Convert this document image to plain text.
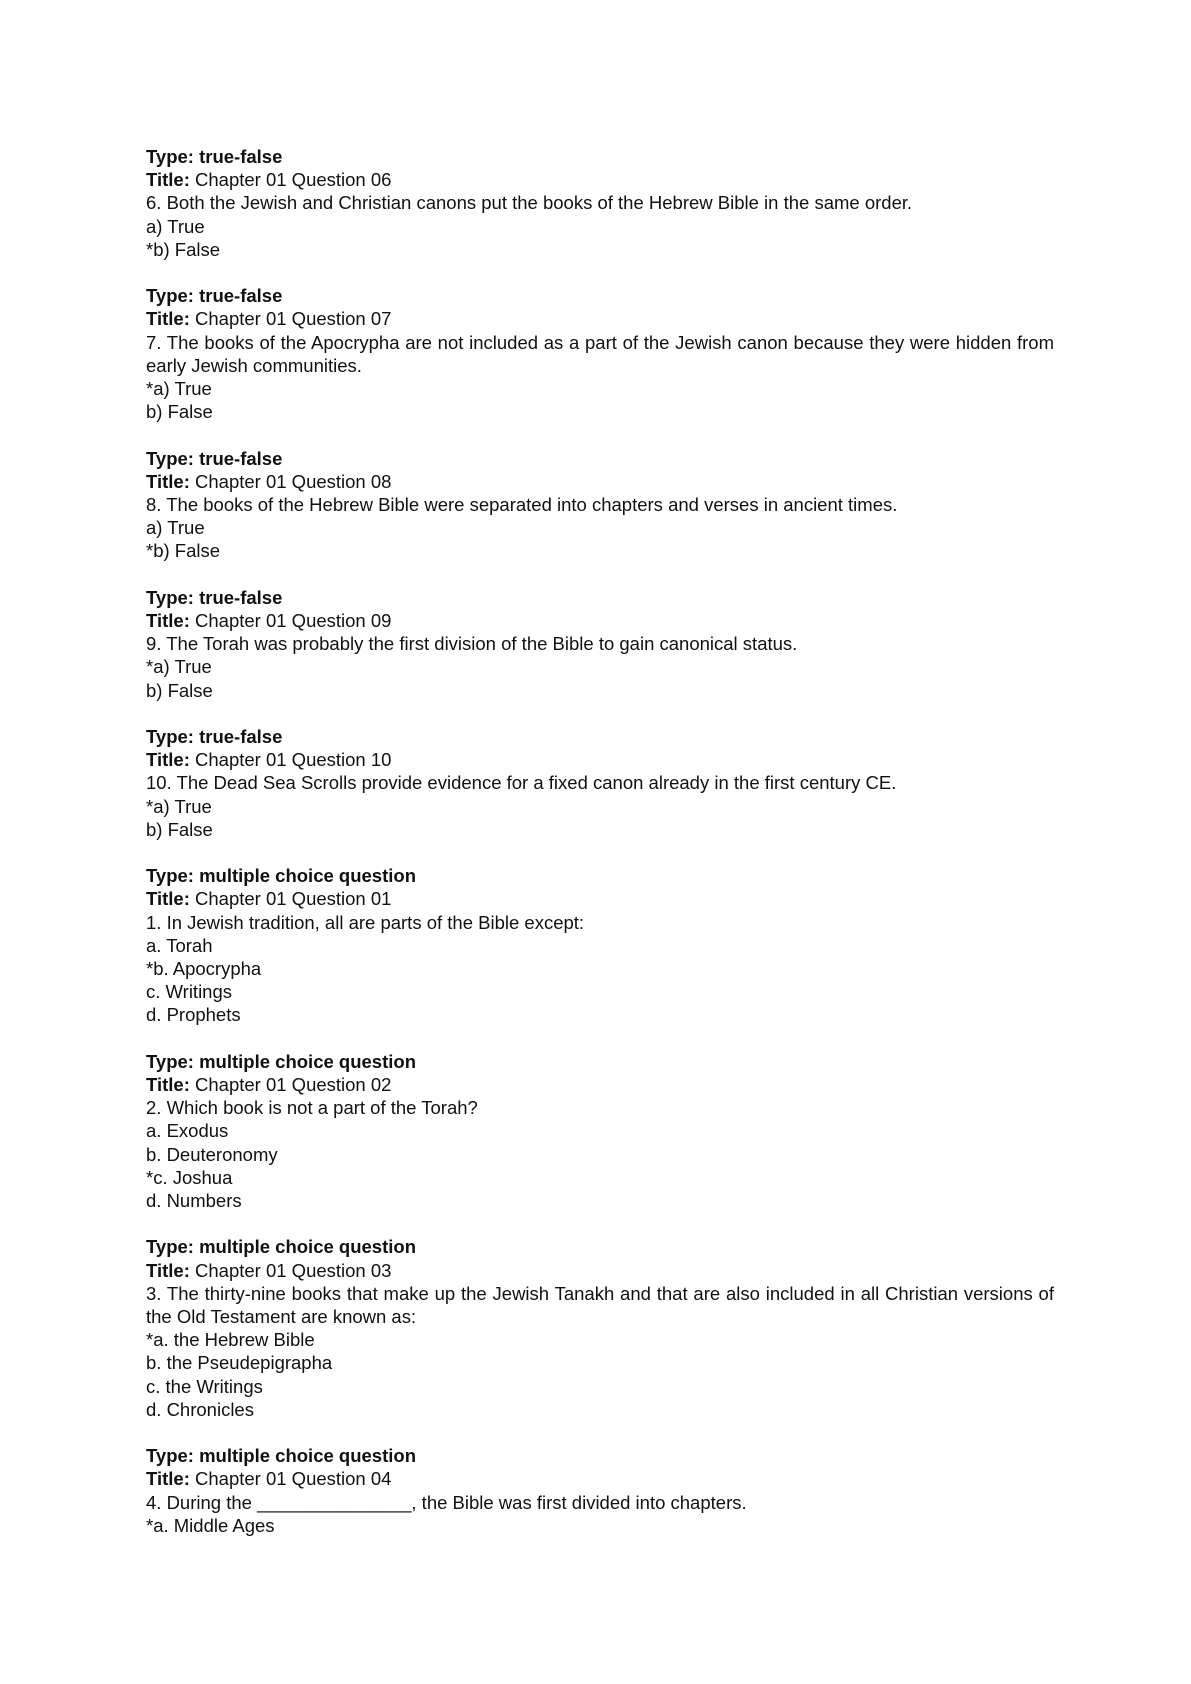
Type: true-false
Title: Chapter 01 Question 06
6. Both the Jewish and Christian canons put the books of the Hebrew Bible in the same order.
a) True
*b) False
Type: true-false
Title: Chapter 01 Question 07
7. The books of the Apocrypha are not included as a part of the Jewish canon because they were hidden from early Jewish communities.
*a) True
b) False
Type: true-false
Title: Chapter 01 Question 08
8. The books of the Hebrew Bible were separated into chapters and verses in ancient times.
a) True
*b) False
Type: true-false
Title: Chapter 01 Question 09
9. The Torah was probably the first division of the Bible to gain canonical status.
*a) True
b) False
Type: true-false
Title: Chapter 01 Question 10
10. The Dead Sea Scrolls provide evidence for a fixed canon already in the first century CE.
*a) True
b) False
Type: multiple choice question
Title: Chapter 01 Question 01
1. In Jewish tradition, all are parts of the Bible except:
a. Torah
*b. Apocrypha
c. Writings
d. Prophets
Type: multiple choice question
Title: Chapter 01 Question 02
2. Which book is not a part of the Torah?
a. Exodus
b. Deuteronomy
*c. Joshua
d. Numbers
Type: multiple choice question
Title: Chapter 01 Question 03
3. The thirty-nine books that make up the Jewish Tanakh and that are also included in all Christian versions of the Old Testament are known as:
*a. the Hebrew Bible
b. the Pseudepigrapha
c. the Writings
d. Chronicles
Type: multiple choice question
Title: Chapter 01 Question 04
4. During the _______________, the Bible was first divided into chapters.
*a. Middle Ages
